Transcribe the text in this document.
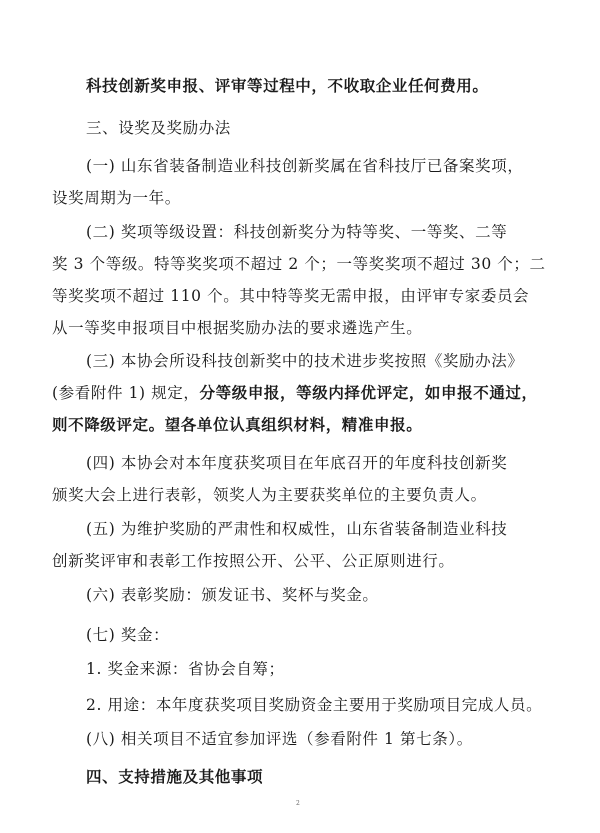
科技创新奖申报、评审等过程中，不收取企业任何费用。
三、设奖及奖励办法
(一) 山东省装备制造业科技创新奖属在省科技厅已备案奖项，
设奖周期为一年。
(二) 奖项等级设置：科技创新奖分为特等奖、一等奖、二等
奖 3 个等级。特等奖奖项不超过 2 个；一等奖奖项不超过 30 个；二
等奖奖项不超过 110 个。其中特等奖无需申报，由评审专家委员会
从一等奖申报项目中根据奖励办法的要求遴选产生。
(三) 本协会所设科技创新奖中的技术进步奖按照《奖励办法》
(参看附件 1) 规定，分等级申报，等级内择优评定，如申报不通过，
则不降级评定。望各单位认真组织材料，精准申报。
(四) 本协会对本年度获奖项目在年底召开的年度科技创新奖
颁奖大会上进行表彰，领奖人为主要获奖单位的主要负责人。
(五) 为维护奖励的严肃性和权威性，山东省装备制造业科技
创新奖评审和表彰工作按照公开、公平、公正原则进行。
(六) 表彰奖励：颁发证书、奖杯与奖金。
(七) 奖金：
1. 奖金来源：省协会自筹；
2. 用途：本年度获奖项目奖励资金主要用于奖励项目完成人员。
(八) 相关项目不适宜参加评选（参看附件 1 第七条）。
四、支持措施及其他事项
2
